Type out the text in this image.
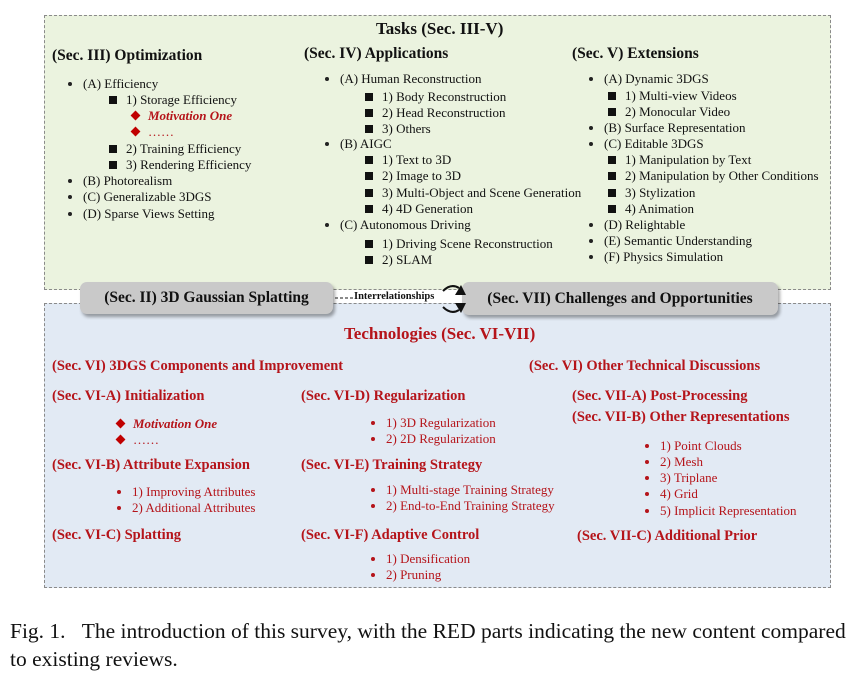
Tasks (Sec. III-V)
(Sec. III) Optimization
(A) Efficiency
1) Storage Efficiency
Motivation One
……
2) Training Efficiency
3) Rendering Efficiency
(B) Photorealism
(C) Generalizable 3DGS
(D) Sparse Views Setting
(Sec. IV) Applications
(A) Human Reconstruction
1) Body Reconstruction
2) Head Reconstruction
3) Others
(B) AIGC
1) Text to 3D
2) Image to 3D
3) Multi-Object and Scene Generation
4) 4D Generation
(C) Autonomous Driving
1) Driving Scene Reconstruction
2) SLAM
(Sec. V) Extensions
(A) Dynamic 3DGS
1) Multi-view Videos
2) Monocular Video
(B) Surface Representation
(C) Editable 3DGS
1) Manipulation by Text
2) Manipulation by Other Conditions
3) Stylization
4) Animation
(D) Relightable
(E) Semantic Understanding
(F) Physics Simulation
(Sec. II) 3D Gaussian Splatting	(Sec. VII) Challenges and Opportunities
Interrelationships
Technologies (Sec. VI-VII)
(Sec. VI) 3DGS Components and Improvement	(Sec. VI) Other Technical Discussions
(Sec. VI-A) Initialization
Motivation One
……
(Sec. VI-B) Attribute Expansion
1) Improving Attributes
2) Additional Attributes
(Sec. VI-C) Splatting
(Sec. VI-D) Regularization
1) 3D Regularization
2) 2D Regularization
(Sec. VI-E) Training Strategy
1) Multi-stage Training Strategy
2) End-to-End Training Strategy
(Sec. VI-F) Adaptive Control
1) Densification
2) Pruning
(Sec. VII-A) Post-Processing
(Sec. VII-B) Other Representations
1) Point Clouds
2) Mesh
3) Triplane
4) Grid
5) Implicit Representation
(Sec. VII-C) Additional Prior
Fig. 1. The introduction of this survey, with the RED parts indicating the new content compared to existing reviews.
